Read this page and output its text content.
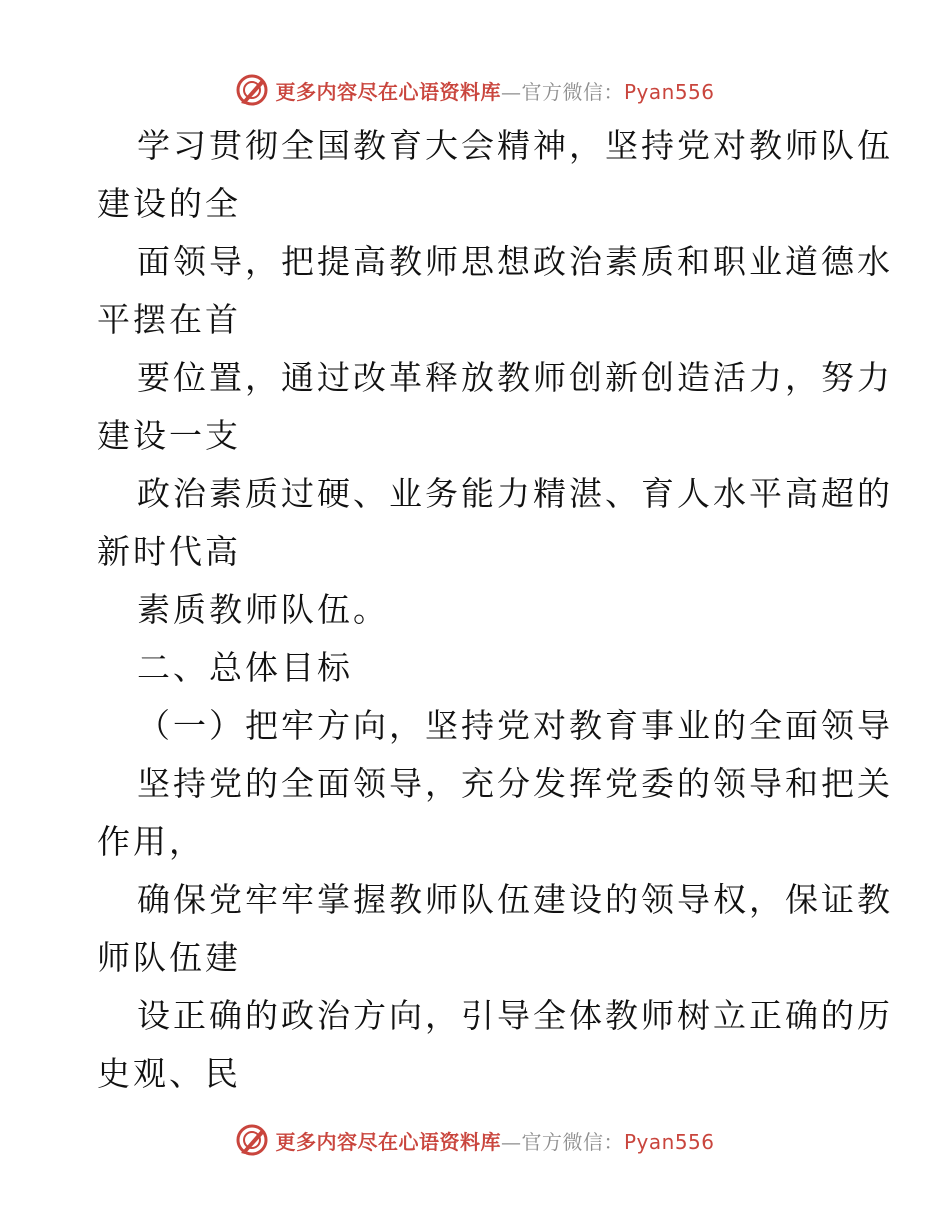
更多内容尽在心语资料库—官方微信：Pyan556
学习贯彻全国教育大会精神，坚持党对教师队伍
建设的全
面领导，把提高教师思想政治素质和职业道德水
平摆在首
要位置，通过改革释放教师创新创造活力，努力
建设一支
政治素质过硬、业务能力精湛、育人水平高超的
新时代高
素质教师队伍。
二、总体目标
（一）把牢方向，坚持党对教育事业的全面领导
坚持党的全面领导，充分发挥党委的领导和把关
作用，
确保党牢牢掌握教师队伍建设的领导权，保证教
师队伍建
设正确的政治方向，引导全体教师树立正确的历
史观、民
更多内容尽在心语资料库—官方微信：Pyan556
